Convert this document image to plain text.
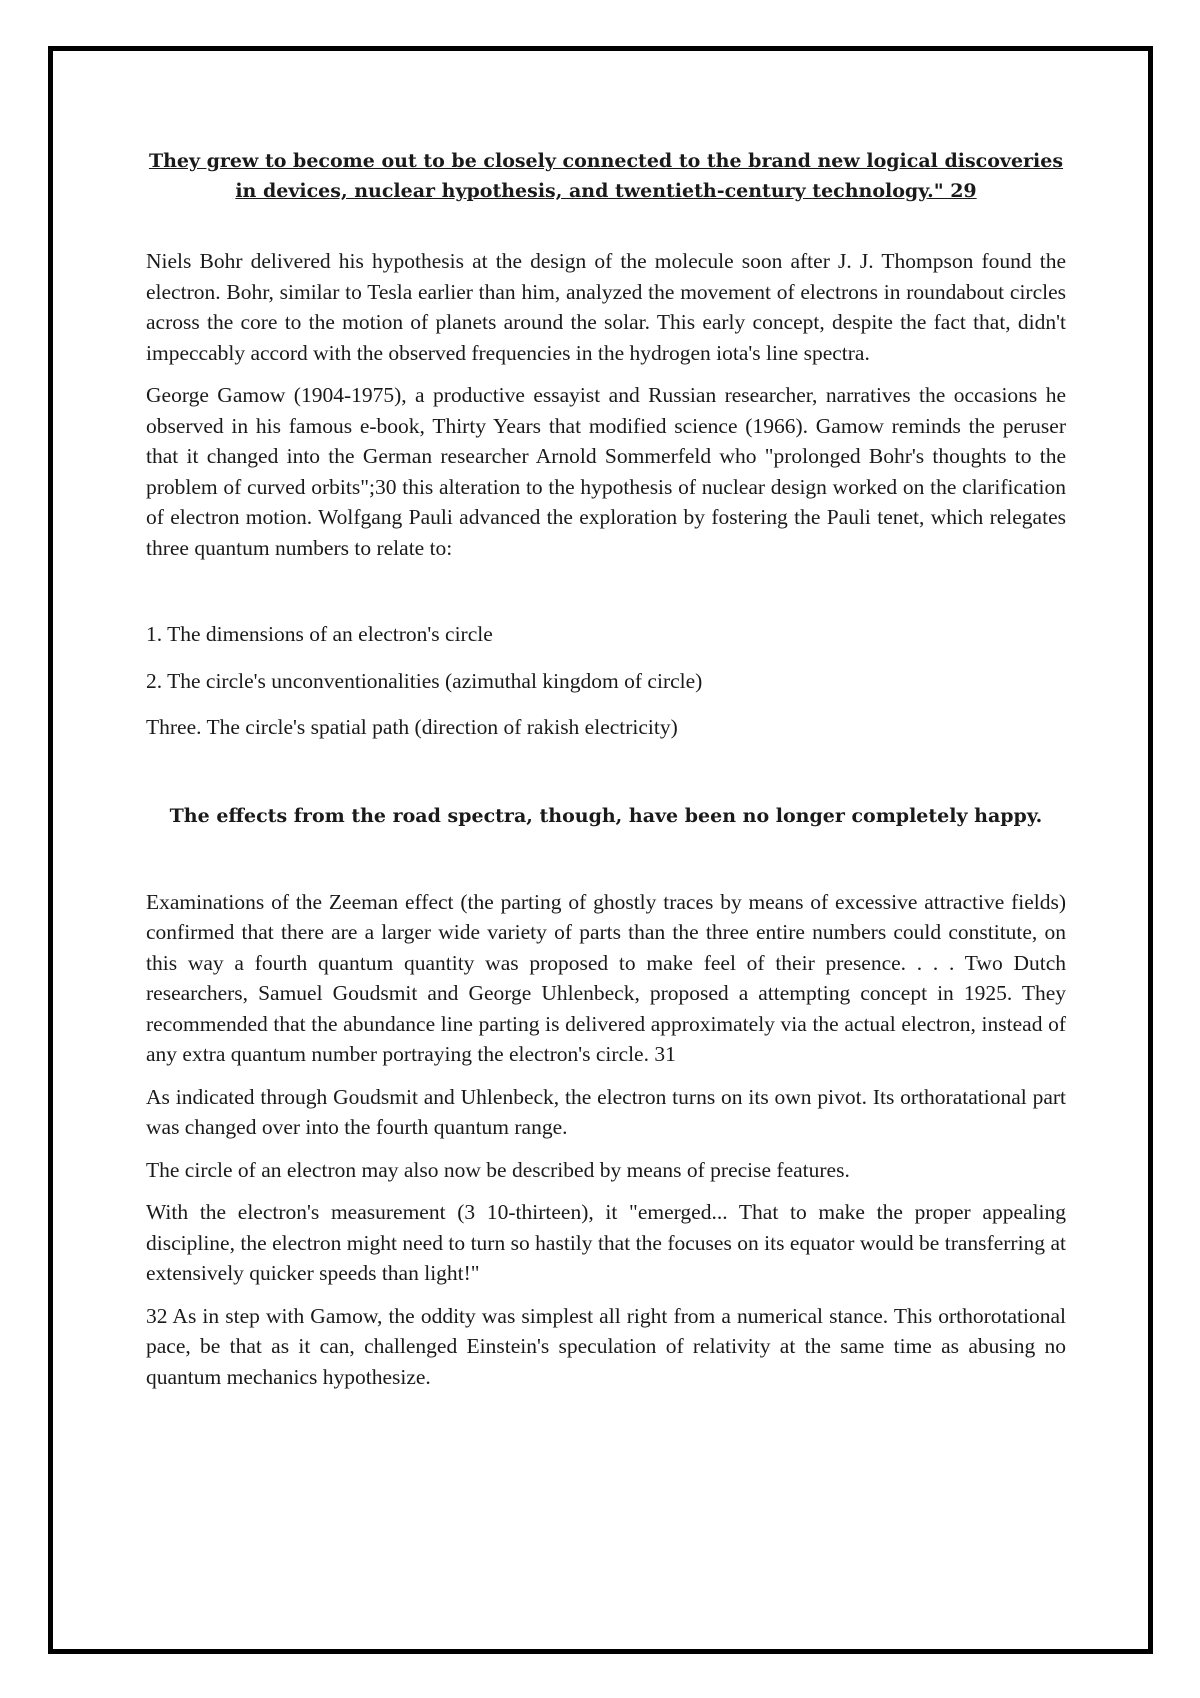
They grew to become out to be closely connected to the brand new logical discoveries in devices, nuclear hypothesis, and twentieth-century technology." 29

Niels Bohr delivered his hypothesis at the design of the molecule soon after J. J. Thompson found the electron. Bohr, similar to Tesla earlier than him, analyzed the movement of electrons in roundabout circles across the core to the motion of planets around the solar. This early concept, despite the fact that, didn't impeccably accord with the observed frequencies in the hydrogen iota's line spectra.

George Gamow (1904-1975), a productive essayist and Russian researcher, narratives the occasions he observed in his famous e-book, Thirty Years that modified science (1966). Gamow reminds the peruser that it changed into the German researcher Arnold Sommerfeld who "prolonged Bohr's thoughts to the problem of curved orbits";30 this alteration to the hypothesis of nuclear design worked on the clarification of electron motion. Wolfgang Pauli advanced the exploration by fostering the Pauli tenet, which relegates three quantum numbers to relate to:

1. The dimensions of an electron's circle
2. The circle's unconventionalities (azimuthal kingdom of circle)
Three. The circle's spatial path (direction of rakish electricity)
The effects from the road spectra, though, have been no longer completely happy.

Examinations of the Zeeman effect (the parting of ghostly traces by means of excessive attractive fields) confirmed that there are a larger wide variety of parts than the three entire numbers could constitute, on this way a fourth quantum quantity was proposed to make feel of their presence. . . . Two Dutch researchers, Samuel Goudsmit and George Uhlenbeck, proposed a attempting concept in 1925. They recommended that the abundance line parting is delivered approximately via the actual electron, instead of any extra quantum number portraying the electron's circle. 31

As indicated through Goudsmit and Uhlenbeck, the electron turns on its own pivot. Its orthoratational part was changed over into the fourth quantum range.

The circle of an electron may also now be described by means of precise features.

With the electron's measurement (3 10-thirteen), it "emerged... That to make the proper appealing discipline, the electron might need to turn so hastily that the focuses on its equator would be transferring at extensively quicker speeds than light!"

32 As in step with Gamow, the oddity was simplest all right from a numerical stance. This orthorotational pace, be that as it can, challenged Einstein's speculation of relativity at the same time as abusing no quantum mechanics hypothesize.
